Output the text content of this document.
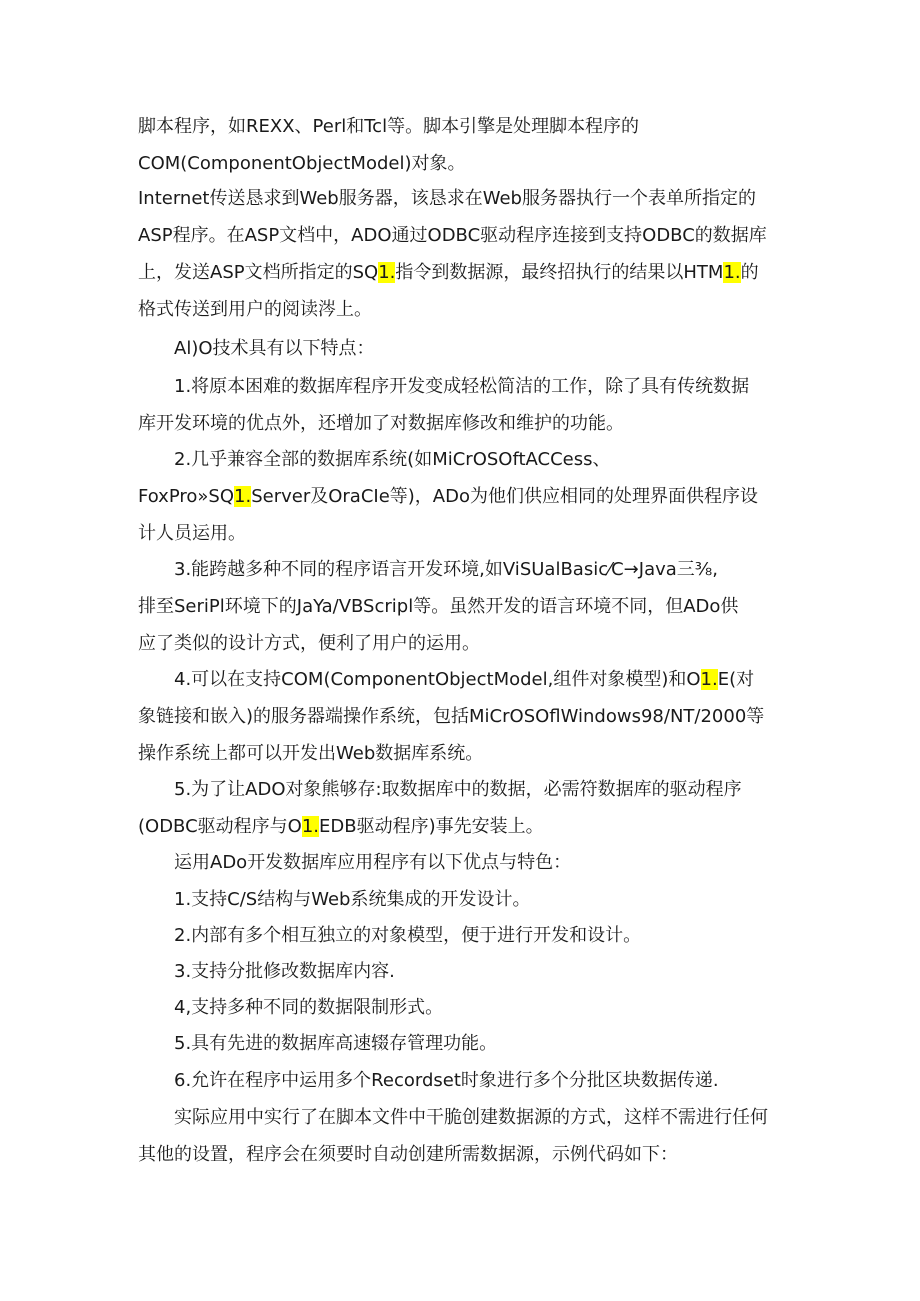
脚本程序，如REXX、Perl和Tcl等。脚本引擎是处理脚本程序的
COM(ComponentObjectModel)对象。
Internet传送恳求到Web服务器，该恳求在Web服务器执行一个表单所指定的
ASP程序。在ASP文档中，ADO通过ODBC驱动程序连接到支持ODBC的数据库
上，发送ASP文档所指定的SQ1.指令到数据源，最终招执行的结果以HTM1.的
格式传送到用户的阅读涔上。
Al)O技术具有以下特点：
1.将原本困难的数据库程序开发变成轻松简洁的工作，除了具有传统数据
库开发环境的优点外，还增加了对数据库修改和维护的功能。
2.几乎兼容全部的数据库系统(如MiCrOSOftACCess、
FoxPro»SQ1.Server及OraCIe等)，ADo为他们供应相同的处理界面供程序设
计人员运用。
3.能跨越多种不同的程序语言开发环境,如ViSUalBasic⁄C→Java三⅜,
排至SeriPl环境下的JaYa/VBScripl等。虽然开发的语言环境不同，但ADo供
应了类似的设计方式，便利了用户的运用。
4.可以在支持COM(ComponentObjectModel,组件对象模型)和O1.E(对
象链接和嵌入)的服务器端操作系统，包括MiCrOSOflWindows98/NT/2000等
操作系统上都可以开发出Web数据库系统。
5.为了让ADO对象熊够存:取数据库中的数据，必需符数据库的驱动程序
(ODBC驱动程序与O1.EDB驱动程序)事先安装上。
运用ADo开发数据库应用程序有以下优点与特色：
1.支持C/S结构与Web系统集成的开发设计。
2.内部有多个相互独立的对象模型，便于进行开发和设计。
3.支持分批修改数据库内容.
4,支持多种不同的数据限制形式。
5.具有先进的数据库高速辍存管理功能。
6.允许在程序中运用多个Recordset时象进行多个分批区块数据传递.
实际应用中实行了在脚本文件中干脆创建数据源的方式，这样不需进行任何
其他的设置，程序会在须要时自动创建所需数据源，示例代码如下：
